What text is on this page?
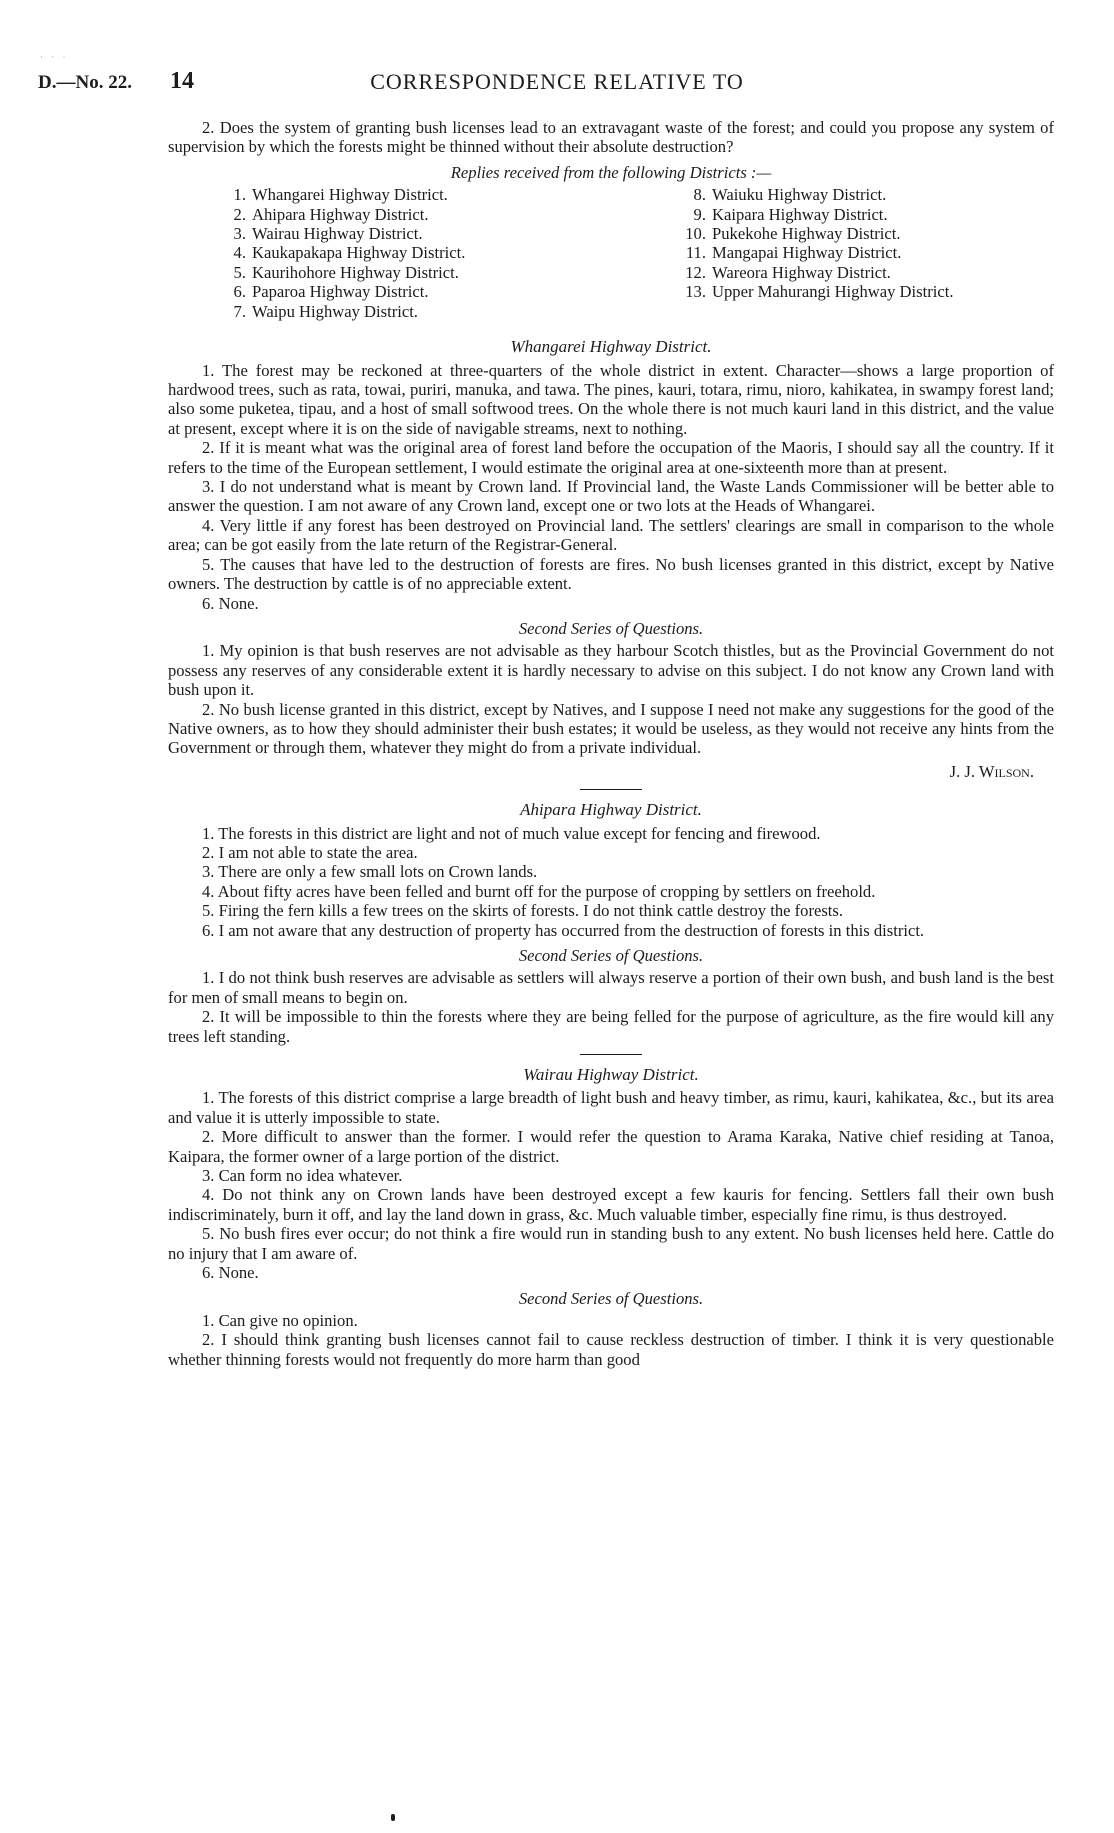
· · ·
D.—No. 22. 14	CORRESPONDENCE RELATIVE TO

2. Does the system of granting bush licenses lead to an extravagant waste of the forest; and could you propose any system of supervision by which the forests might be thinned without their absolute destruction?

Replies received from the following Districts :—

1. Whangarei Highway District.
2. Ahipara Highway District.
3. Wairau Highway District.
4. Kaukapakapa Highway District.
5. Kaurihohore Highway District.
6. Paparoa Highway District.
7. Waipu Highway District.
8. Waiuku Highway District.
9. Kaipara Highway District.
10. Pukekohe Highway District.
11. Mangapai Highway District.
12. Wareora Highway District.
13. Upper Mahurangi Highway District.

Whangarei Highway District.

1. The forest may be reckoned at three-quarters of the whole district in extent. Character—shows a large proportion of hardwood trees, such as rata, towai, puriri, manuka, and tawa. The pines, kauri, totara, rimu, nioro, kahikatea, in swampy forest land; also some puketea, tipau, and a host of small softwood trees. On the whole there is not much kauri land in this district, and the value at present, except where it is on the side of navigable streams, next to nothing.

2. If it is meant what was the original area of forest land before the occupation of the Maoris, I should say all the country. If it refers to the time of the European settlement, I would estimate the original area at one-sixteenth more than at present.

3. I do not understand what is meant by Crown land. If Provincial land, the Waste Lands Commissioner will be better able to answer the question. I am not aware of any Crown land, except one or two lots at the Heads of Whangarei.

4. Very little if any forest has been destroyed on Provincial land. The settlers' clearings are small in comparison to the whole area; can be got easily from the late return of the Registrar-General.

5. The causes that have led to the destruction of forests are fires. No bush licenses granted in this district, except by Native owners. The destruction by cattle is of no appreciable extent.

6. None.

Second Series of Questions.

1. My opinion is that bush reserves are not advisable as they harbour Scotch thistles, but as the Provincial Government do not possess any reserves of any considerable extent it is hardly necessary to advise on this subject. I do not know any Crown land with bush upon it.

2. No bush license granted in this district, except by Natives, and I suppose I need not make any suggestions for the good of the Native owners, as to how they should administer their bush estates; it would be useless, as they would not receive any hints from the Government or through them, whatever they might do from a private individual.

J. J. Wilson.

Ahipara Highway District.

1. The forests in this district are light and not of much value except for fencing and firewood.

2. I am not able to state the area.

3. There are only a few small lots on Crown lands.

4. About fifty acres have been felled and burnt off for the purpose of cropping by settlers on freehold.

5. Firing the fern kills a few trees on the skirts of forests. I do not think cattle destroy the forests.

6. I am not aware that any destruction of property has occurred from the destruction of forests in this district.

Second Series of Questions.

1. I do not think bush reserves are advisable as settlers will always reserve a portion of their own bush, and bush land is the best for men of small means to begin on.

2. It will be impossible to thin the forests where they are being felled for the purpose of agriculture, as the fire would kill any trees left standing.

Wairau Highway District.

1. The forests of this district comprise a large breadth of light bush and heavy timber, as rimu, kauri, kahikatea, &c., but its area and value it is utterly impossible to state.

2. More difficult to answer than the former. I would refer the question to Arama Karaka, Native chief residing at Tanoa, Kaipara, the former owner of a large portion of the district.

3. Can form no idea whatever.

4. Do not think any on Crown lands have been destroyed except a few kauris for fencing. Settlers fall their own bush indiscriminately, burn it off, and lay the land down in grass, &c. Much valuable timber, especially fine rimu, is thus destroyed.

5. No bush fires ever occur; do not think a fire would run in standing bush to any extent. No bush licenses held here. Cattle do no injury that I am aware of.

6. None.

Second Series of Questions.

1. Can give no opinion.

2. I should think granting bush licenses cannot fail to cause reckless destruction of timber. I think it is very questionable whether thinning forests would not frequently do more harm than good
